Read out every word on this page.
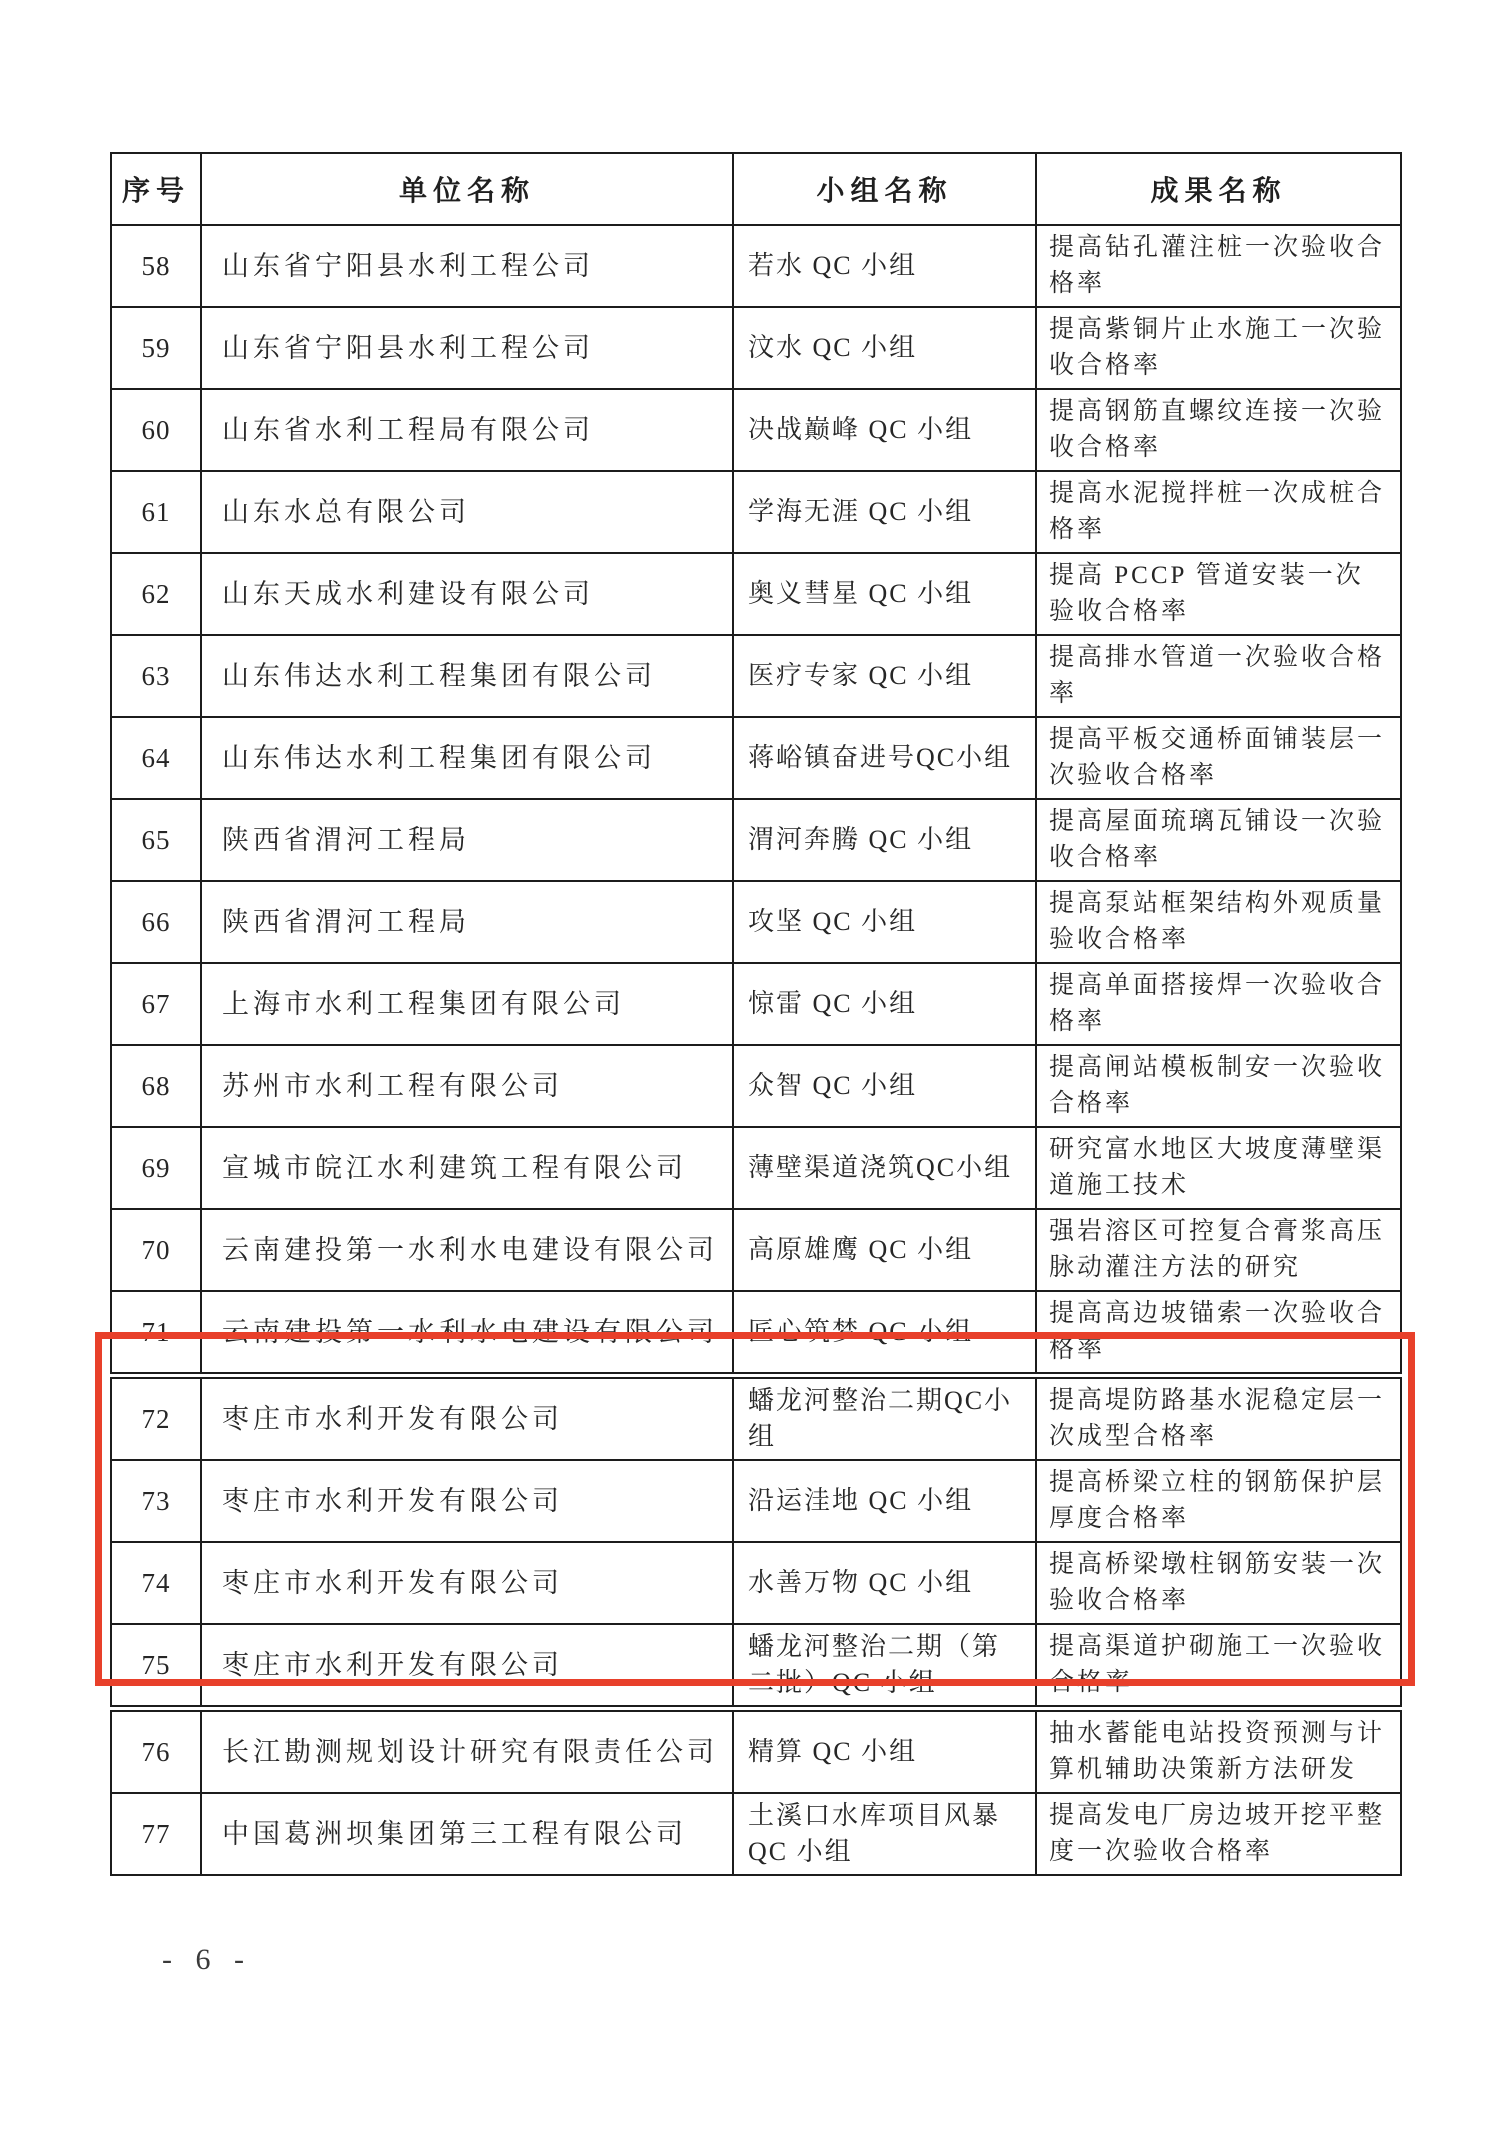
序号	单位名称	小组名称	成果名称
58	山东省宁阳县水利工程公司	若水 QC 小组	提高钻孔灌注桩一次验收合格率
59	山东省宁阳县水利工程公司	汶水 QC 小组	提高紫铜片止水施工一次验收合格率
60	山东省水利工程局有限公司	决战巅峰 QC 小组	提高钢筋直螺纹连接一次验收合格率
61	山东水总有限公司	学海无涯 QC 小组	提高水泥搅拌桩一次成桩合格率
62	山东天成水利建设有限公司	奥义彗星 QC 小组	提高 PCCP 管道安装一次验收合格率
63	山东伟达水利工程集团有限公司	医疗专家 QC 小组	提高排水管道一次验收合格率
64	山东伟达水利工程集团有限公司	蒋峪镇奋进号QC小组	提高平板交通桥面铺装层一次验收合格率
65	陕西省渭河工程局	渭河奔腾 QC 小组	提高屋面琉璃瓦铺设一次验收合格率
66	陕西省渭河工程局	攻坚 QC 小组	提高泵站框架结构外观质量验收合格率
67	上海市水利工程集团有限公司	惊雷 QC 小组	提高单面搭接焊一次验收合格率
68	苏州市水利工程有限公司	众智 QC 小组	提高闸站模板制安一次验收合格率
69	宣城市皖江水利建筑工程有限公司	薄壁渠道浇筑QC小组	研究富水地区大坡度薄壁渠道施工技术
70	云南建投第一水利水电建设有限公司	高原雄鹰 QC 小组	强岩溶区可控复合膏浆高压脉动灌注方法的研究
71	云南建投第一水利水电建设有限公司	匠心筑梦 QC 小组	提高高边坡锚索一次验收合格率
72	枣庄市水利开发有限公司	蟠龙河整治二期QC小组	提高堤防路基水泥稳定层一次成型合格率
73	枣庄市水利开发有限公司	沿运洼地 QC 小组	提高桥梁立柱的钢筋保护层厚度合格率
74	枣庄市水利开发有限公司	水善万物 QC 小组	提高桥梁墩柱钢筋安装一次验收合格率
75	枣庄市水利开发有限公司	蟠龙河整治二期（第二批）QC 小组	提高渠道护砌施工一次验收合格率
76	长江勘测规划设计研究有限责任公司	精算 QC 小组	抽水蓄能电站投资预测与计算机辅助决策新方法研发
77	中国葛洲坝集团第三工程有限公司	土溪口水库项目风暴 QC 小组	提高发电厂房边坡开挖平整度一次验收合格率
- 6 -
